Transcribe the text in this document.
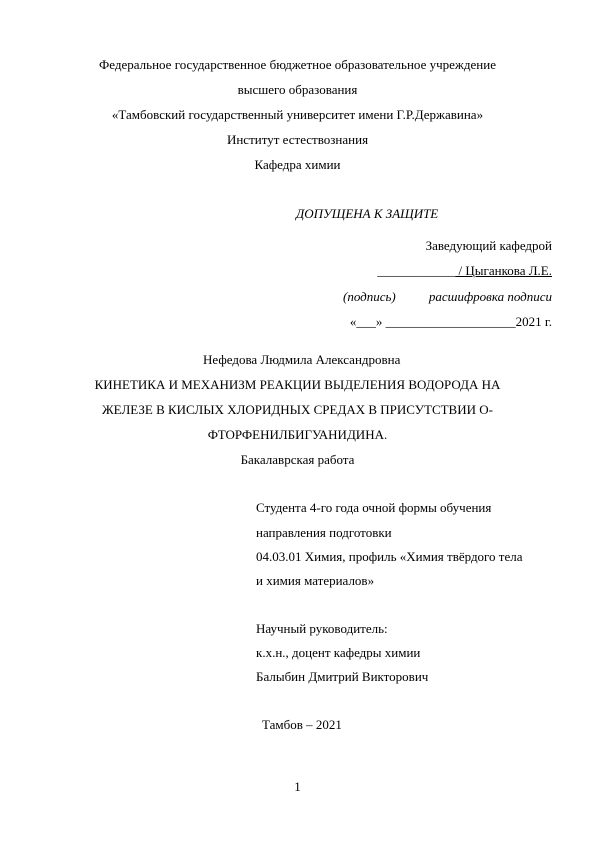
Федеральное государственное бюджетное образовательное учреждение
высшего образования
«Тамбовский государственный университет имени Г.Р.Державина»
Институт естествознания
Кафедра химии
ДОПУЩЕНА К ЗАЩИТЕ
Заведующий кафедрой
____________ / Цыганкова Л.Е.
(подпись)	расшифровка подписи
«___» ____________________2021 г.
Нефедова Людмила Александровна
КИНЕТИКА И МЕХАНИЗМ РЕАКЦИИ ВЫДЕЛЕНИЯ ВОДОРОДА НА
ЖЕЛЕЗЕ В КИСЛЫХ ХЛОРИДНЫХ СРЕДАХ В ПРИСУТСТВИИ О-
ФТОРФЕНИЛБИГУАНИДИНА.
Бакалаврская работа
Студента 4-го года очной формы обучения
направления подготовки
04.03.01 Химия, профиль «Химия твёрдого тела
и химия материалов»
Научный руководитель:
к.х.н., доцент кафедры химии
Балыбин Дмитрий Викторович
Тамбов – 2021
1
